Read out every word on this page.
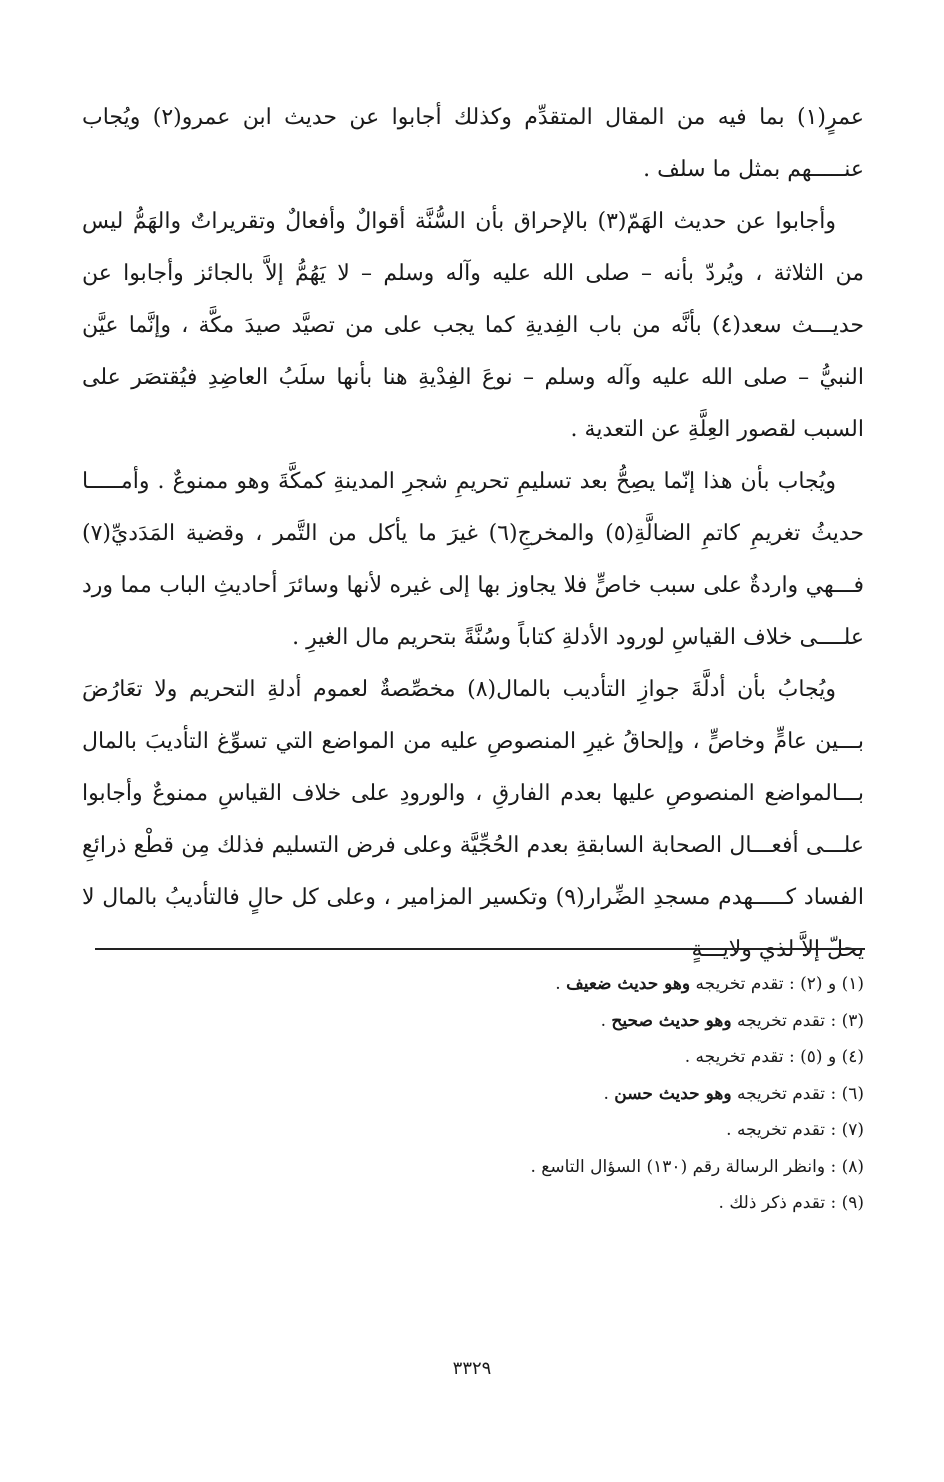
عمرٍ(١) بما فيه من المقال المتقدِّم وكذلك أجابوا عن حديث ابن عمرو(٢) ويُجاب عنـــــهم بمثل ما سلف .

وأجابوا عن حديث الهَمّ(٣) بالإحراق بأن السُّنَّة أقوالٌ وأفعالٌ وتقريراتٌ والهَمُّ ليس من الثلاثة ، ويُردّ بأنه – صلى الله عليه وآله وسلم – لا يَهُمُّ إلاَّ بالجائز وأجابوا عن حديـــث سعد(٤) بأنَّه من باب الفِديةِ كما يجب على من تصيَّد صيدَ مكَّة ، وإنَّما عيَّن النبيُّ – صلى الله عليه وآله وسلم – نوعَ الفِدْيةِ هنا بأنها سلَبُ العاضِدِ فيُقتصَر على السبب لقصور العِلَّةِ عن التعدية .

ويُجاب بأن هذا إنّما يصِحُّ بعد تسليمِ تحريمِ شجرِ المدينةِ كمكَّةَ وهو ممنوعٌ . وأمـــــا حديثُ تغريمِ كاتمِ الضالَّةِ(٥) والمخرجِ(٦) غيرَ ما يأكل من التَّمر ، وقضية المَدَديِّ(٧) فـــهي واردةٌ على سبب خاصٍّ فلا يجاوز بها إلى غيره لأنها وسائرَ أحاديثِ الباب مما ورد علــــى خلاف القياسِ لورود الأدلةِ كتاباً وسُنَّةً بتحريم مال الغيرِ .

ويُجابُ بأن أدلَّةَ جوازِ التأديب بالمال(٨) مخصِّصةٌ لعموم أدلةِ التحريم ولا تعَارُضَ بـــين عامٍّ وخاصٍّ ، وإلحاقُ غيرِ المنصوصِ عليه من المواضع التي تسوِّغ التأديبَ بالمال بـــالمواضع المنصوصِ عليها بعدم الفارقِ ، والورودِ على خلاف القياسِ ممنوعٌ وأجابوا علـــى أفعـــال الصحابة السابقةِ بعدم الحُجِّيَّة وعلى فرض التسليم فذلك مِن قطْع ذرائعِ الفساد كـــــهدم مسجدِ الضِّرار(٩) وتكسير المزامير ، وعلى كل حالٍ فالتأديبُ بالمال لا يحلّ إلاَّ لذي ولايـــةٍ

(١) و (٢) : تقدم تخريجه وهو حديث ضعيف .
(٣) : تقدم تخريجه وهو حديث صحيح .
(٤) و (٥) : تقدم تخريجه .
(٦) : تقدم تخريجه وهو حديث حسن .
(٧) : تقدم تخريجه .
(٨) : وانظر الرسالة رقم (١٣٠) السؤال التاسع .
(٩) : تقدم ذكر ذلك .
٣٣٢٩
